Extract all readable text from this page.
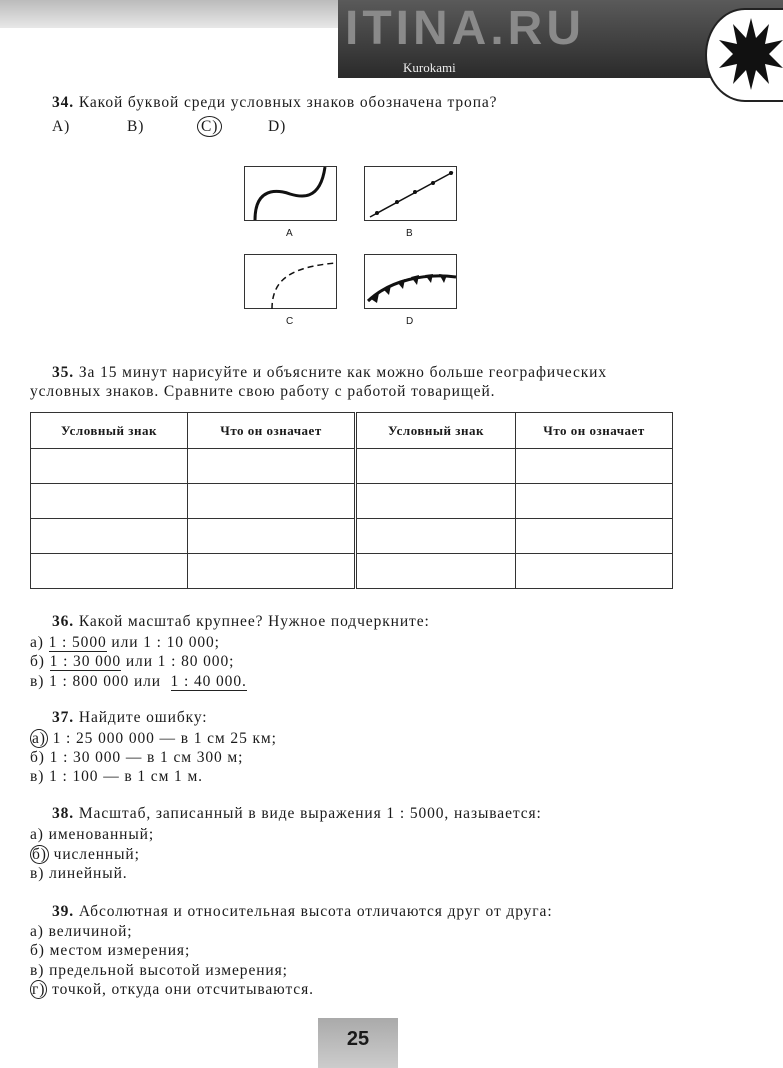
ITINA.RU
Kurokami
34. Какой буквой среди условных знаков обозначена тропа?
A)	B)	C)	D)
A	B
C	D
35. За 15 минут нарисуйте и объясните как можно больше географических
условных знаков. Сравните свою работу с работой товарищей.
Условный знак	Что он означает	Условный знак	Что он означает

36. Какой масштаб крупнее? Нужное подчеркните:
а) 1 : 5000 или 1 : 10 000;
б) 1 : 30 000 или 1 : 80 000;
в) 1 : 800 000 или 1 : 40 000.
37. Найдите ошибку:
а) 1 : 25 000 000 — в 1 см 25 км;
б) 1 : 30 000 — в 1 см 300 м;
в) 1 : 100 — в 1 см 1 м.
38. Масштаб, записанный в виде выражения 1 : 5000, называется:
а) именованный;
б) численный;
в) линейный.
39. Абсолютная и относительная высота отличаются друг от друга:
а) величиной;
б) местом измерения;
в) предельной высотой измерения;
г) точкой, откуда они отсчитываются.
25
